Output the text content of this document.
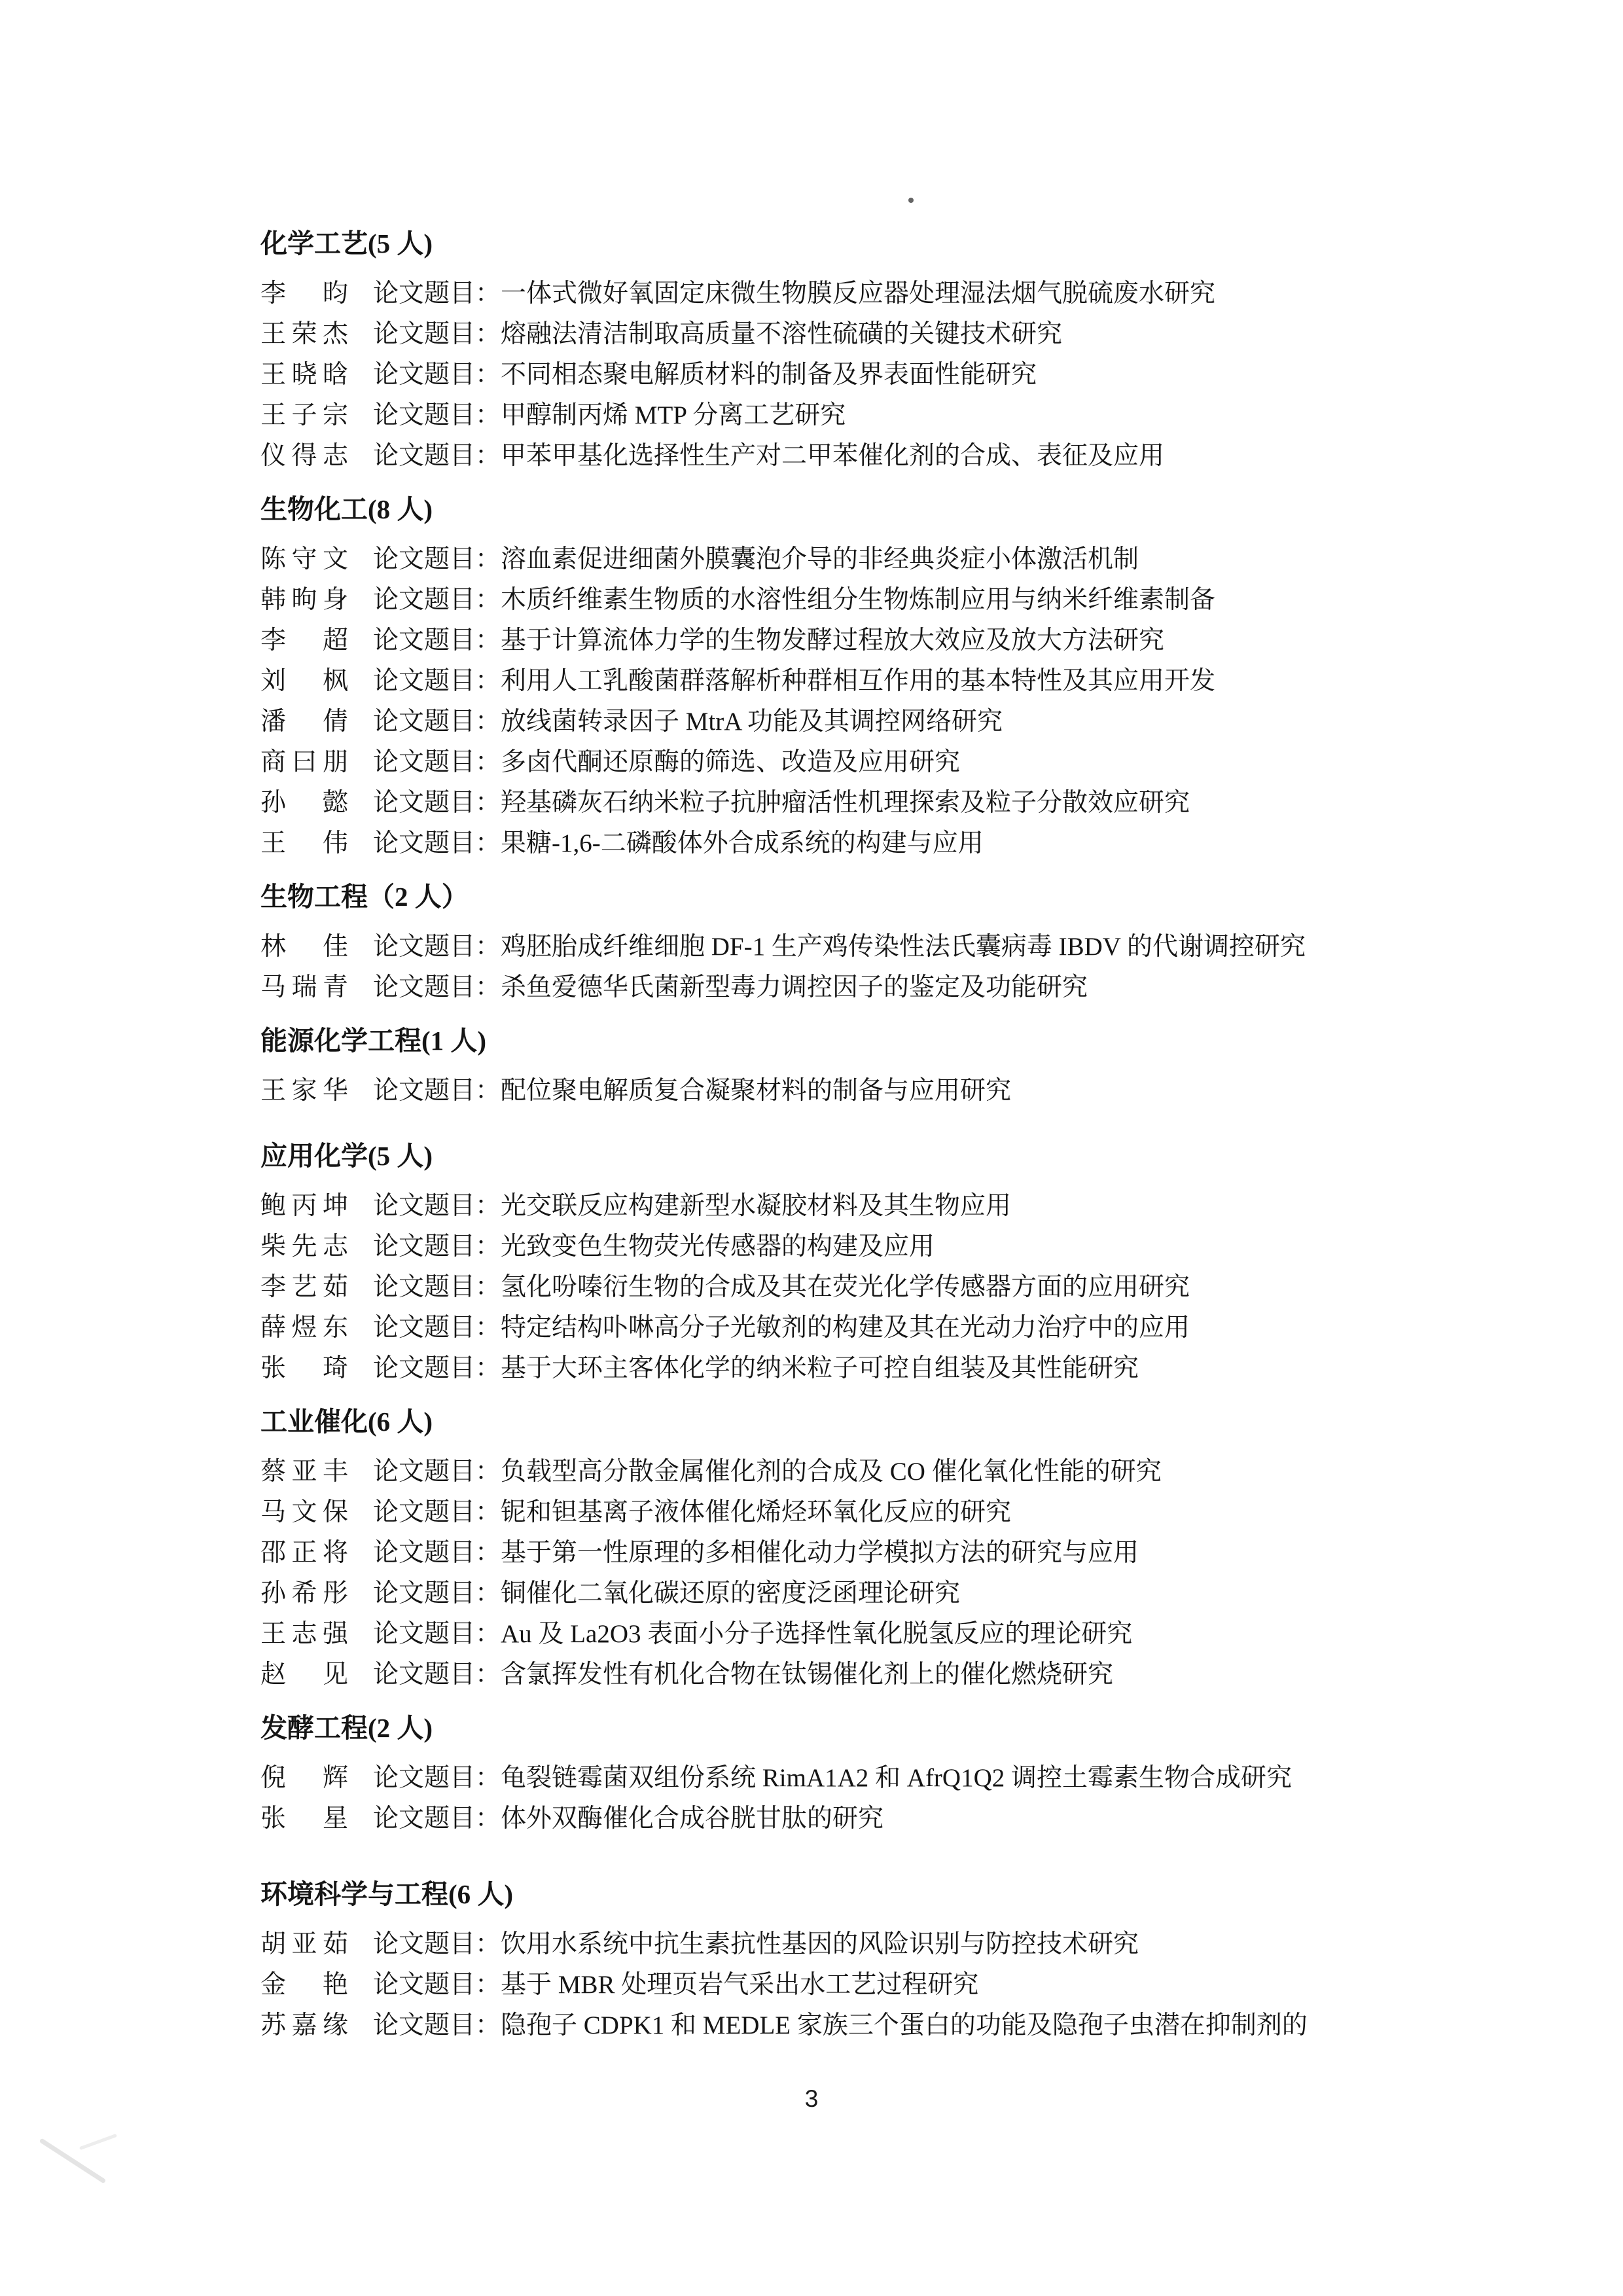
化学工艺(5 人)
李昀 论文题目：一体式微好氧固定床微生物膜反应器处理湿法烟气脱硫废水研究
王荣杰 论文题目：熔融法清洁制取高质量不溶性硫磺的关键技术研究
王晓晗 论文题目：不同相态聚电解质材料的制备及界表面性能研究
王子宗 论文题目：甲醇制丙烯 MTP 分离工艺研究
仪得志 论文题目：甲苯甲基化选择性生产对二甲苯催化剂的合成、表征及应用
生物化工(8 人)
陈守文 论文题目：溶血素促进细菌外膜囊泡介导的非经典炎症小体激活机制
韩昫身 论文题目：木质纤维素生物质的水溶性组分生物炼制应用与纳米纤维素制备
李超 论文题目：基于计算流体力学的生物发酵过程放大效应及放大方法研究
刘枫 论文题目：利用人工乳酸菌群落解析种群相互作用的基本特性及其应用开发
潘倩 论文题目：放线菌转录因子 MtrA 功能及其调控网络研究
商曰朋 论文题目：多卤代酮还原酶的筛选、改造及应用研究
孙懿 论文题目：羟基磷灰石纳米粒子抗肿瘤活性机理探索及粒子分散效应研究
王伟 论文题目：果糖-1,6-二磷酸体外合成系统的构建与应用
生物工程（2 人）
林佳 论文题目：鸡胚胎成纤维细胞 DF-1 生产鸡传染性法氏囊病毒 IBDV 的代谢调控研究
马瑞青 论文题目：杀鱼爱德华氏菌新型毒力调控因子的鉴定及功能研究
能源化学工程(1 人)
王家华 论文题目：配位聚电解质复合凝聚材料的制备与应用研究
应用化学(5 人)
鲍丙坤 论文题目：光交联反应构建新型水凝胶材料及其生物应用
柴先志 论文题目：光致变色生物荧光传感器的构建及应用
李艺茹 论文题目：氢化吩嗪衍生物的合成及其在荧光化学传感器方面的应用研究
薛煜东 论文题目：特定结构卟啉高分子光敏剂的构建及其在光动力治疗中的应用
张琦 论文题目：基于大环主客体化学的纳米粒子可控自组装及其性能研究
工业催化(6 人)
蔡亚丰 论文题目：负载型高分散金属催化剂的合成及 CO 催化氧化性能的研究
马文保 论文题目：铌和钽基离子液体催化烯烃环氧化反应的研究
邵正将 论文题目：基于第一性原理的多相催化动力学模拟方法的研究与应用
孙希彤 论文题目：铜催化二氧化碳还原的密度泛函理论研究
王志强 论文题目：Au 及 La2O3 表面小分子选择性氧化脱氢反应的理论研究
赵见 论文题目：含氯挥发性有机化合物在钛锡催化剂上的催化燃烧研究
发酵工程(2 人)
倪辉 论文题目：龟裂链霉菌双组份系统 RimA1A2 和 AfrQ1Q2 调控土霉素生物合成研究
张星 论文题目：体外双酶催化合成谷胱甘肽的研究
环境科学与工程(6 人)
胡亚茹 论文题目：饮用水系统中抗生素抗性基因的风险识别与防控技术研究
金艳 论文题目：基于 MBR 处理页岩气采出水工艺过程研究
苏嘉缘 论文题目：隐孢子 CDPK1 和 MEDLE 家族三个蛋白的功能及隐孢子虫潜在抑制剂的
3
